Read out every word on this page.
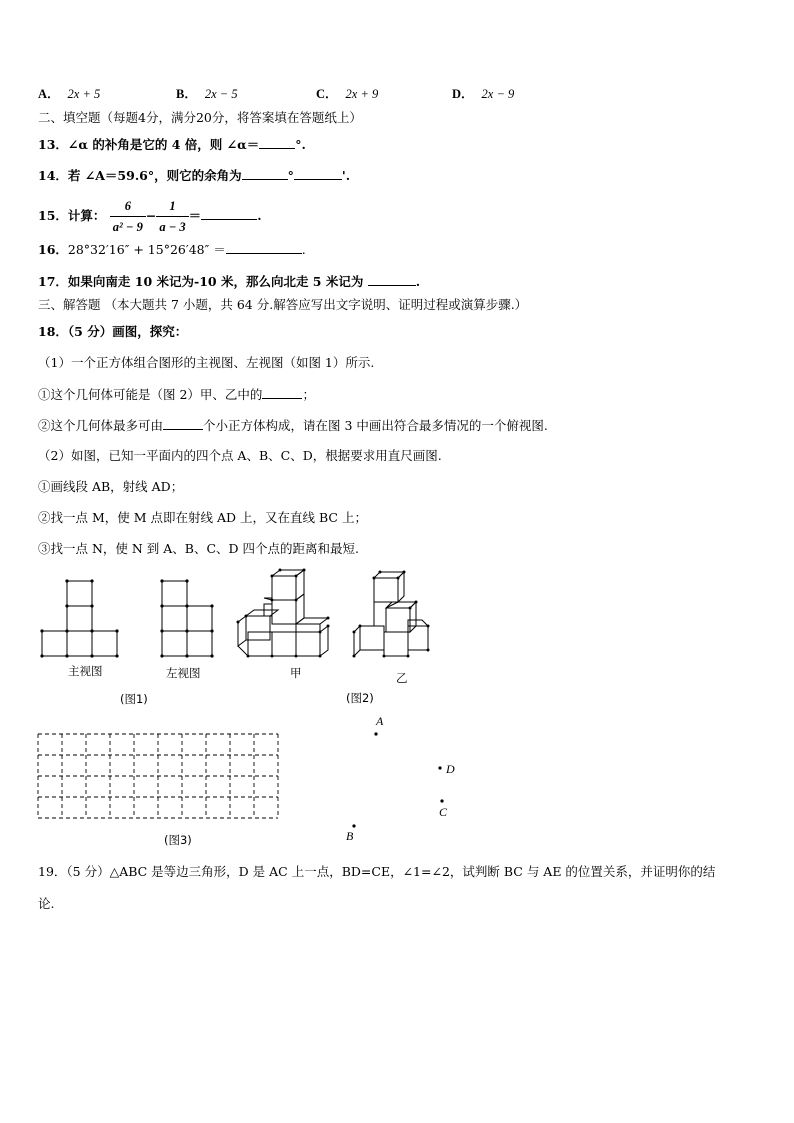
A． 2x + 5	B． 2x − 5	C． 2x + 9	D． 2x − 9
二、填空题（每题4分，满分20分，将答案填在答题纸上）
13．∠α 的补角是它的 4 倍，则 ∠α＝	°.
14．若 ∠A＝59.6°，则它的余角为	°	'.
15．计算： $\frac{6}{\text{a² − 9}} - \frac{1}{a - 3}$ ＝	.
16．28°32′16″ + 15°26′48″ ＝	.
17．如果向南走 10 米记为-10 米，那么向北走 5 米记为	.
三、解答题 （本大题共 7 小题，共 64 分.解答应写出文字说明、证明过程或演算步骤.）
18．（5 分）画图，探究：
（1）一个正方体组合图形的主视图、左视图（如图 1）所示.
①这个几何体可能是（图 2）甲、乙中的	；
②这个几何体最多可由	个小正方体构成，请在图 3 中画出符合最多情况的一个俯视图.
（2）如图，已知一平面内的四个点 A、B、C、D，根据要求用直尺画图.
①画线段 AB，射线 AD；
②找一点 M，使 M 点即在射线 AD 上，又在直线 BC 上；
③找一点 N，使 N 到 A、B、C、D 四个点的距离和最短.
主视图	左视图
(图1)
甲	乙
(图2)
(图3)
A
D
C
B
19．（5 分）△ABC 是等边三角形，D 是 AC 上一点，BD=CE，∠1=∠2，试判断 BC 与 AE 的位置关系，并证明你的结
论.
